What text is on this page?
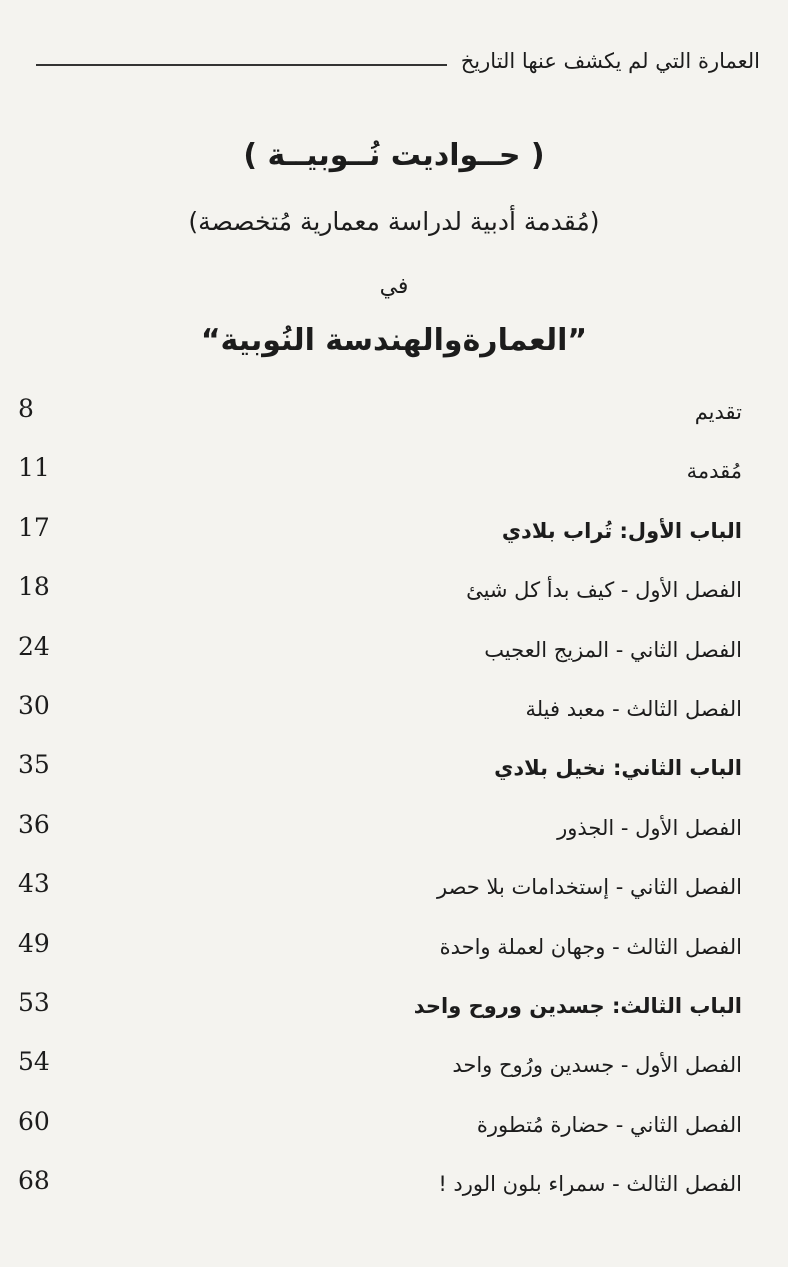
العمارة التي لم يكشف عنها التاريخ
( حــواديت نُــوبيــة )
(مُقدمة أدبية لدراسة معمارية مُتخصصة)
في
”العمارةوالهندسة النُوبية“
تقديم
8
مُقدمة
11
الباب الأول: تُراب بلادي
17
الفصل الأول - كيف بدأ كل شيئ
18
الفصل الثاني - المزيج العجيب
24
الفصل الثالث - معبد فيلة
30
الباب الثاني: نخيل بلادي
35
الفصل الأول - الجذور
36
الفصل الثاني - إستخدامات بلا حصر
43
الفصل الثالث - وجهان لعملة واحدة
49
الباب الثالث: جسدين وروح واحد
53
الفصل الأول - جسدين ورُوح واحد
54
الفصل الثاني - حضارة مُتطورة
60
الفصل الثالث - سمراء بلون الورد !
68
